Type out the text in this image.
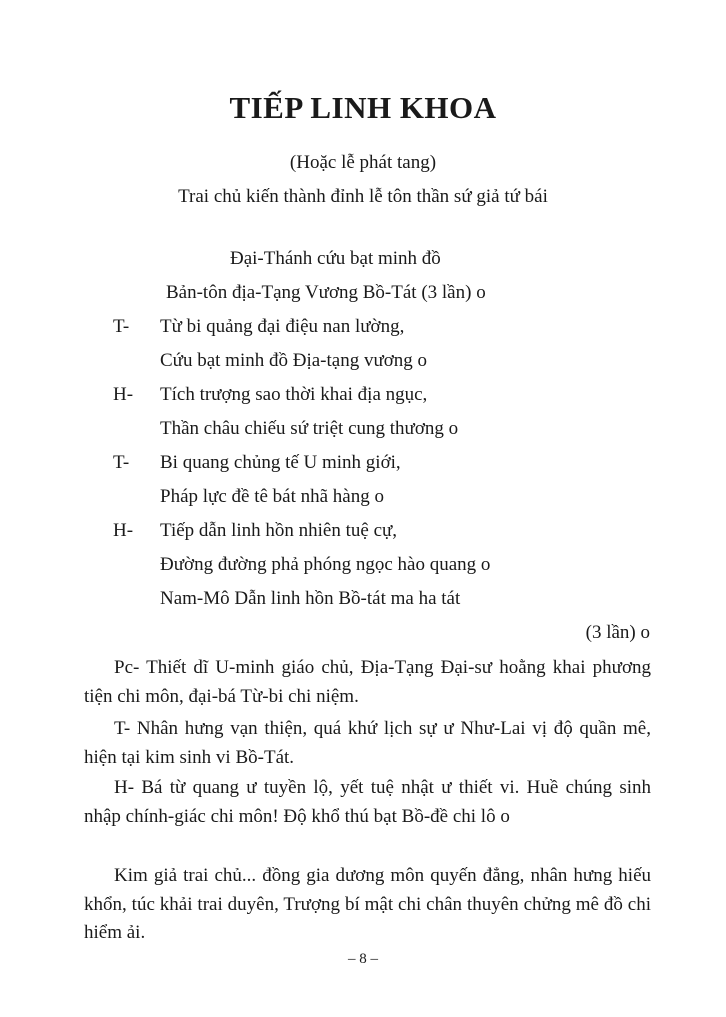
TIẾP LINH KHOA
(Hoặc lễ phát tang)
Trai chủ kiến thành đỉnh lễ tôn thần sứ giả tứ bái
Đại-Thánh cứu bạt minh đồ
Bản-tôn địa-Tạng Vương Bồ-Tát (3 lần) o
T- Từ bi quảng đại điệu nan lường,
Cứu bạt minh đồ Địa-tạng vương o
H- Tích trượng sao thời khai địa ngục,
Thần châu chiếu sứ triệt cung thương o
T- Bi quang chủng tế U minh giới,
Pháp lực đề tê bát nhã hàng o
H- Tiếp dẫn linh hồn nhiên tuệ cự,
Đường đường phả phóng ngọc hào quang o
Nam-Mô Dẫn linh hồn Bồ-tát ma ha tát
(3 lần) o
Pc- Thiết dĩ U-minh giáo chủ, Địa-Tạng Đại-sư hoằng khai phương tiện chi môn, đại-bá Từ-bi chi niệm.
T- Nhân hưng vạn thiện, quá khứ lịch sự ư Như-Lai vị độ quần mê, hiện tại kim sinh vi Bồ-Tát.
H- Bá từ quang ư tuyền lộ, yết tuệ nhật ư thiết vi. Huề chúng sinh nhập chính-giác chi môn! Độ khổ thú bạt Bồ-đề chi lô o
Kim giả trai chủ... đồng gia dương môn quyến đẳng, nhân hưng hiếu khổn, túc khải trai duyên, Trượng bí mật chi chân thuyên chửng mê đồ chi hiểm ải.
– 8 –
